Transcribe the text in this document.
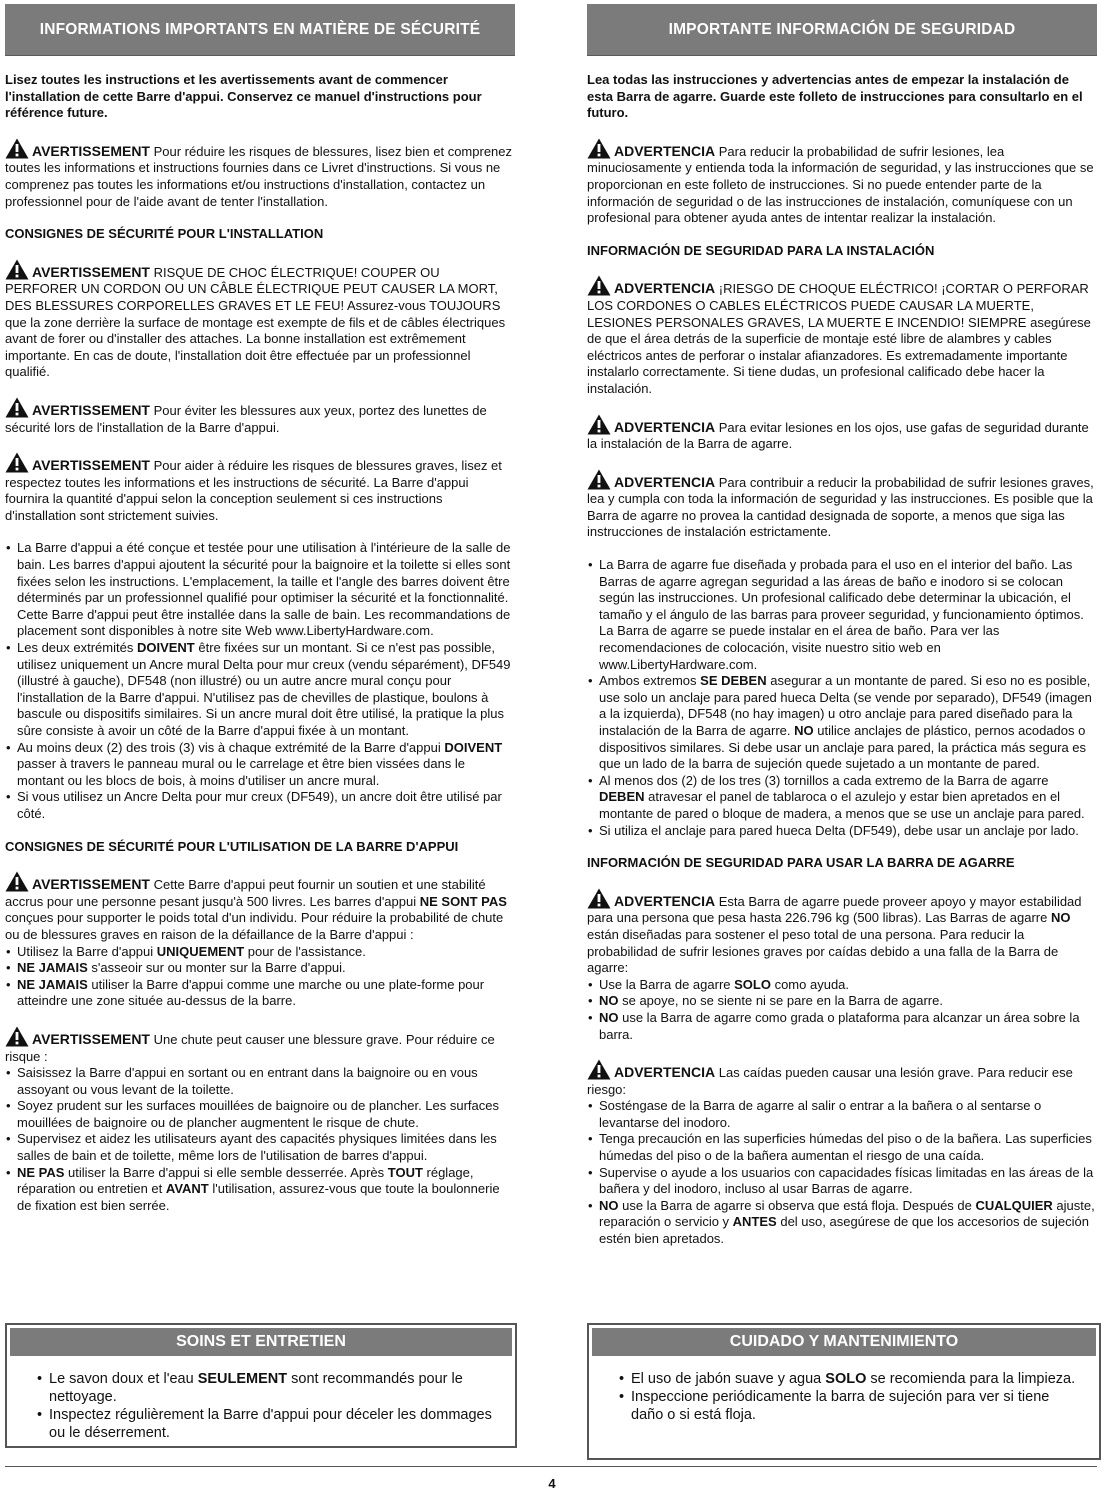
INFORMATIONS IMPORTANTS EN MATIÈRE DE SÉCURITÉ

Lisez toutes les instructions et les avertissements avant de commencer l'installation de cette Barre d'appui. Conservez ce manuel d'instructions pour référence future.

AVERTISSEMENT Pour réduire les risques de blessures, lisez bien et comprenez toutes les informations et instructions fournies dans ce Livret d'instructions. Si vous ne comprenez pas toutes les informations et/ou instructions d'installation, contactez un professionnel pour de l'aide avant de tenter l'installation.

CONSIGNES DE SÉCURITÉ POUR L'INSTALLATION

AVERTISSEMENT RISQUE DE CHOC ÉLECTRIQUE! COUPER OU PERFORER UN CORDON OU UN CÂBLE ÉLECTRIQUE PEUT CAUSER LA MORT, DES BLESSURES CORPORELLES GRAVES ET LE FEU! Assurez-vous TOUJOURS que la zone derrière la surface de montage est exempte de fils et de câbles électriques avant de forer ou d'installer des attaches. La bonne installation est extrêmement importante. En cas de doute, l'installation doit être effectuée par un professionnel qualifié.

AVERTISSEMENT Pour éviter les blessures aux yeux, portez des lunettes de sécurité lors de l'installation de la Barre d'appui.

AVERTISSEMENT Pour aider à réduire les risques de blessures graves, lisez et respectez toutes les informations et les instructions de sécurité. La Barre d'appui fournira la quantité d'appui selon la conception seulement si ces instructions d'installation sont strictement suivies.

• La Barre d'appui a été conçue et testée pour une utilisation à l'intérieure de la salle de bain. Les barres d'appui ajoutent la sécurité pour la baignoire et la toilette si elles sont fixées selon les instructions. L'emplacement, la taille et l'angle des barres doivent être déterminés par un professionnel qualifié pour optimiser la sécurité et la fonctionnalité. Cette Barre d'appui peut être installée dans la salle de bain. Les recommandations de placement sont disponibles à notre site Web www.LibertyHardware.com.
• Les deux extrémités DOIVENT être fixées sur un montant. Si ce n'est pas possible, utilisez uniquement un Ancre mural Delta pour mur creux (vendu séparément), DF549 (illustré à gauche), DF548 (non illustré) ou un autre ancre mural conçu pour l'installation de la Barre d'appui. N'utilisez pas de chevilles de plastique, boulons à bascule ou dispositifs similaires. Si un ancre mural doit être utilisé, la pratique la plus sûre consiste à avoir un côté de la Barre d'appui fixée à un montant.
• Au moins deux (2) des trois (3) vis à chaque extrémité de la Barre d'appui DOIVENT passer à travers le panneau mural ou le carrelage et être bien vissées dans le montant ou les blocs de bois, à moins d'utiliser un ancre mural.
• Si vous utilisez un Ancre Delta pour mur creux (DF549), un ancre doit être utilisé par côté.

CONSIGNES DE SÉCURITÉ POUR L'UTILISATION DE LA BARRE D'APPUI

AVERTISSEMENT Cette Barre d'appui peut fournir un soutien et une stabilité accrus pour une personne pesant jusqu'à 500 livres. Les barres d'appui NE SONT PAS conçues pour supporter le poids total d'un individu. Pour réduire la probabilité de chute ou de blessures graves en raison de la défaillance de la Barre d'appui :

• Utilisez la Barre d'appui UNIQUEMENT pour de l'assistance.
• NE JAMAIS s'asseoir sur ou monter sur la Barre d'appui.
• NE JAMAIS utiliser la Barre d'appui comme une marche ou une plate-forme pour atteindre une zone située au-dessus de la barre.

AVERTISSEMENT Une chute peut causer une blessure grave. Pour réduire ce risque :

• Saisissez la Barre d'appui en sortant ou en entrant dans la baignoire ou en vous assoyant ou vous levant de la toilette.
• Soyez prudent sur les surfaces mouillées de baignoire ou de plancher. Les surfaces mouillées de baignoire ou de plancher augmentent le risque de chute.
• Supervisez et aidez les utilisateurs ayant des capacités physiques limitées dans les salles de bain et de toilette, même lors de l'utilisation de barres d'appui.
• NE PAS utiliser la Barre d'appui si elle semble desserrée. Après TOUT réglage, réparation ou entretien et AVANT l'utilisation, assurez-vous que toute la boulonnerie de fixation est bien serrée.
IMPORTANTE INFORMACIÓN DE SEGURIDAD

Lea todas las instrucciones y advertencias antes de empezar la instalación de esta Barra de agarre. Guarde este folleto de instrucciones para consultarlo en el futuro.

ADVERTENCIA Para reducir la probabilidad de sufrir lesiones, lea minuciosamente y entienda toda la información de seguridad, y las instrucciones que se proporcionan en este folleto de instrucciones. Si no puede entender parte de la información de seguridad o de las instrucciones de instalación, comuníquese con un profesional para obtener ayuda antes de intentar realizar la instalación.

INFORMACIÓN DE SEGURIDAD PARA LA INSTALACIÓN

ADVERTENCIA ¡RIESGO DE CHOQUE ELÉCTRICO! ¡CORTAR O PERFORAR LOS CORDONES O CABLES ELÉCTRICOS PUEDE CAUSAR LA MUERTE, LESIONES PERSONALES GRAVES, LA MUERTE E INCENDIO! SIEMPRE asegúrese de que el área detrás de la superficie de montaje esté libre de alambres y cables eléctricos antes de perforar o instalar afianzadores. Es extremadamente importante instalarlo correctamente. Si tiene dudas, un profesional calificado debe hacer la instalación.

ADVERTENCIA Para evitar lesiones en los ojos, use gafas de seguridad durante la instalación de la Barra de agarre.

ADVERTENCIA Para contribuir a reducir la probabilidad de sufrir lesiones graves, lea y cumpla con toda la información de seguridad y las instrucciones. Es posible que la Barra de agarre no provea la cantidad designada de soporte, a menos que siga las instrucciones de instalación estrictamente.

• La Barra de agarre fue diseñada y probada para el uso en el interior del baño. Las Barras de agarre agregan seguridad a las áreas de baño e inodoro si se colocan según las instrucciones. Un profesional calificado debe determinar la ubicación, el tamaño y el ángulo de las barras para proveer seguridad, y funcionamiento óptimos. La Barra de agarre se puede instalar en el área de baño. Para ver las recomendaciones de colocación, visite nuestro sitio web en www.LibertyHardware.com.
• Ambos extremos SE DEBEN asegurar a un montante de pared. Si eso no es posible, use solo un anclaje para pared hueca Delta (se vende por separado), DF549 (imagen a la izquierda), DF548 (no hay imagen) u otro anclaje para pared diseñado para la instalación de la Barra de agarre. NO utilice anclajes de plástico, pernos acodados o dispositivos similares. Si debe usar un anclaje para pared, la práctica más segura es que un lado de la barra de sujeción quede sujetado a un montante de pared.
• Al menos dos (2) de los tres (3) tornillos a cada extremo de la Barra de agarre DEBEN atravesar el panel de tablaroca o el azulejo y estar bien apretados en el montante de pared o bloque de madera, a menos que se use un anclaje para pared.
• Si utiliza el anclaje para pared hueca Delta (DF549), debe usar un anclaje por lado.

INFORMACIÓN DE SEGURIDAD PARA USAR LA BARRA DE AGARRE

ADVERTENCIA Esta Barra de agarre puede proveer apoyo y mayor estabilidad para una persona que pesa hasta 226.796 kg (500 libras). Las Barras de agarre NO están diseñadas para sostener el peso total de una persona. Para reducir la probabilidad de sufrir lesiones graves por caídas debido a una falla de la Barra de agarre:

• Use la Barra de agarre SOLO como ayuda.
• NO se apoye, no se siente ni se pare en la Barra de agarre.
• NO use la Barra de agarre como grada o plataforma para alcanzar un área sobre la barra.

ADVERTENCIA Las caídas pueden causar una lesión grave. Para reducir ese riesgo:

• Sosténgase de la Barra de agarre al salir o entrar a la bañera o al sentarse o levantarse del inodoro.
• Tenga precaución en las superficies húmedas del piso o de la bañera. Las superficies húmedas del piso o de la bañera aumentan el riesgo de una caída.
• Supervise o ayude a los usuarios con capacidades físicas limitadas en las áreas de la bañera y del inodoro, incluso al usar Barras de agarre.
• NO use la Barra de agarre si observa que está floja. Después de CUALQUIER ajuste, reparación o servicio y ANTES del uso, asegúrese de que los accesorios de sujeción estén bien apretados.
SOINS ET ENTRETIEN
• Le savon doux et l'eau SEULEMENT sont recommandés pour le nettoyage.
• Inspectez régulièrement la Barre d'appui pour déceler les dommages ou le déserrement.
CUIDADO Y MANTENIMIENTO
• El uso de jabón suave y agua SOLO se recomienda para la limpieza.
• Inspeccione periódicamente la barra de sujeción para ver si tiene daño o si está floja.
4
